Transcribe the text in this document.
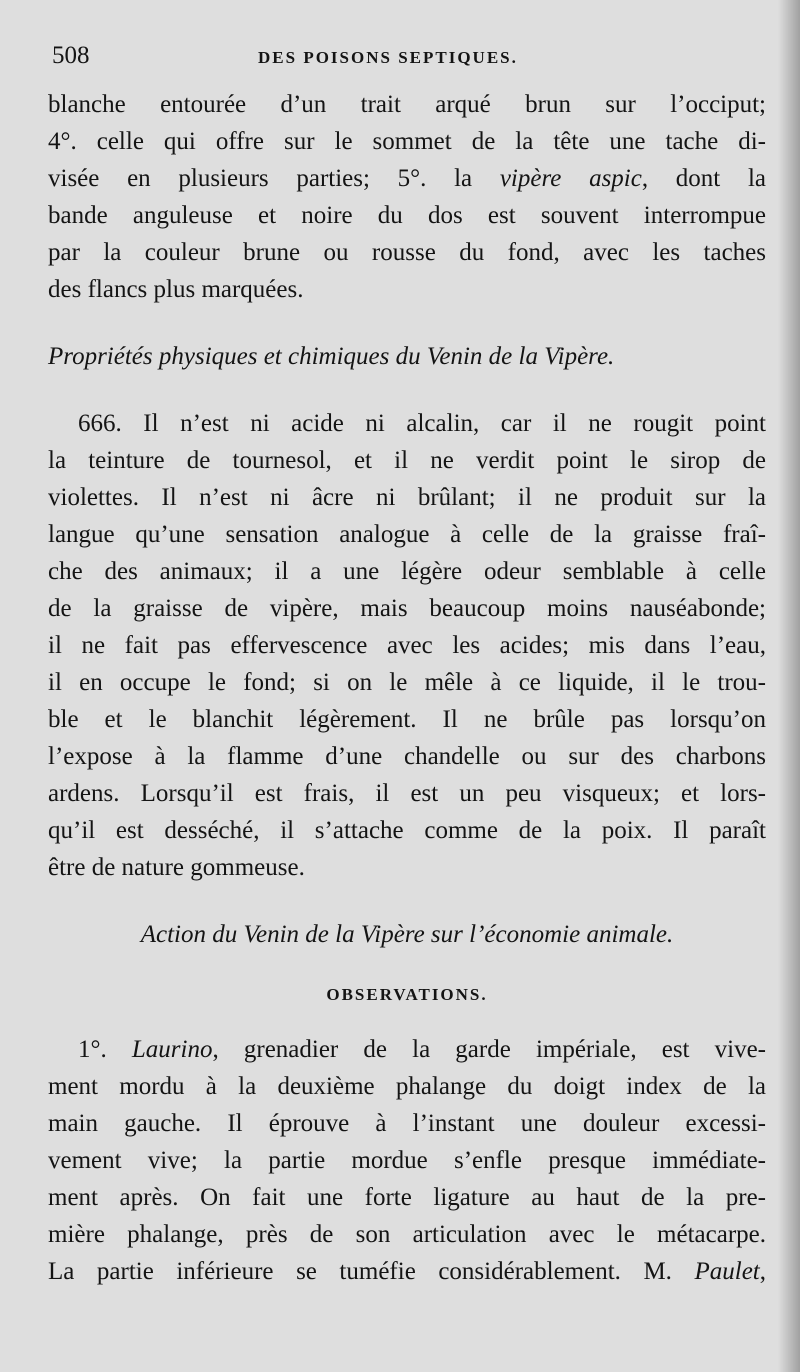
508	DES POISONS SEPTIQUES.

blanche entourée d’un trait arqué brun sur l’occiput;

4°. celle qui offre sur le sommet de la tête une tache di-

visée en plusieurs parties; 5°. la vipère aspic, dont la

bande anguleuse et noire du dos est souvent interrompue

par la couleur brune ou rousse du fond, avec les taches

des flancs plus marquées.

Propriétés physiques et chimiques du Venin de la Vipère.

666. Il n’est ni acide ni alcalin, car il ne rougit point

la teinture de tournesol, et il ne verdit point le sirop de

violettes. Il n’est ni âcre ni brûlant; il ne produit sur la

langue qu’une sensation analogue à celle de la graisse fraî-

che des animaux; il a une légère odeur semblable à celle

de la graisse de vipère, mais beaucoup moins nauséabonde;

il ne fait pas effervescence avec les acides; mis dans l’eau,

il en occupe le fond; si on le mêle à ce liquide, il le trou-

ble et le blanchit légèrement. Il ne brûle pas lorsqu’on

l’expose à la flamme d’une chandelle ou sur des charbons

ardens. Lorsqu’il est frais, il est un peu visqueux; et lors-

qu’il est desséché, il s’attache comme de la poix. Il paraît

être de nature gommeuse.

Action du Venin de la Vipère sur l’économie animale.

OBSERVATIONS.

1°. Laurino, grenadier de la garde impériale, est vive-

ment mordu à la deuxième phalange du doigt index de la

main gauche. Il éprouve à l’instant une douleur excessi-

vement vive; la partie mordue s’enfle presque immédiate-

ment après. On fait une forte ligature au haut de la pre-

mière phalange, près de son articulation avec le métacarpe.

La partie inférieure se tuméfie considérablement. M. Paulet,
